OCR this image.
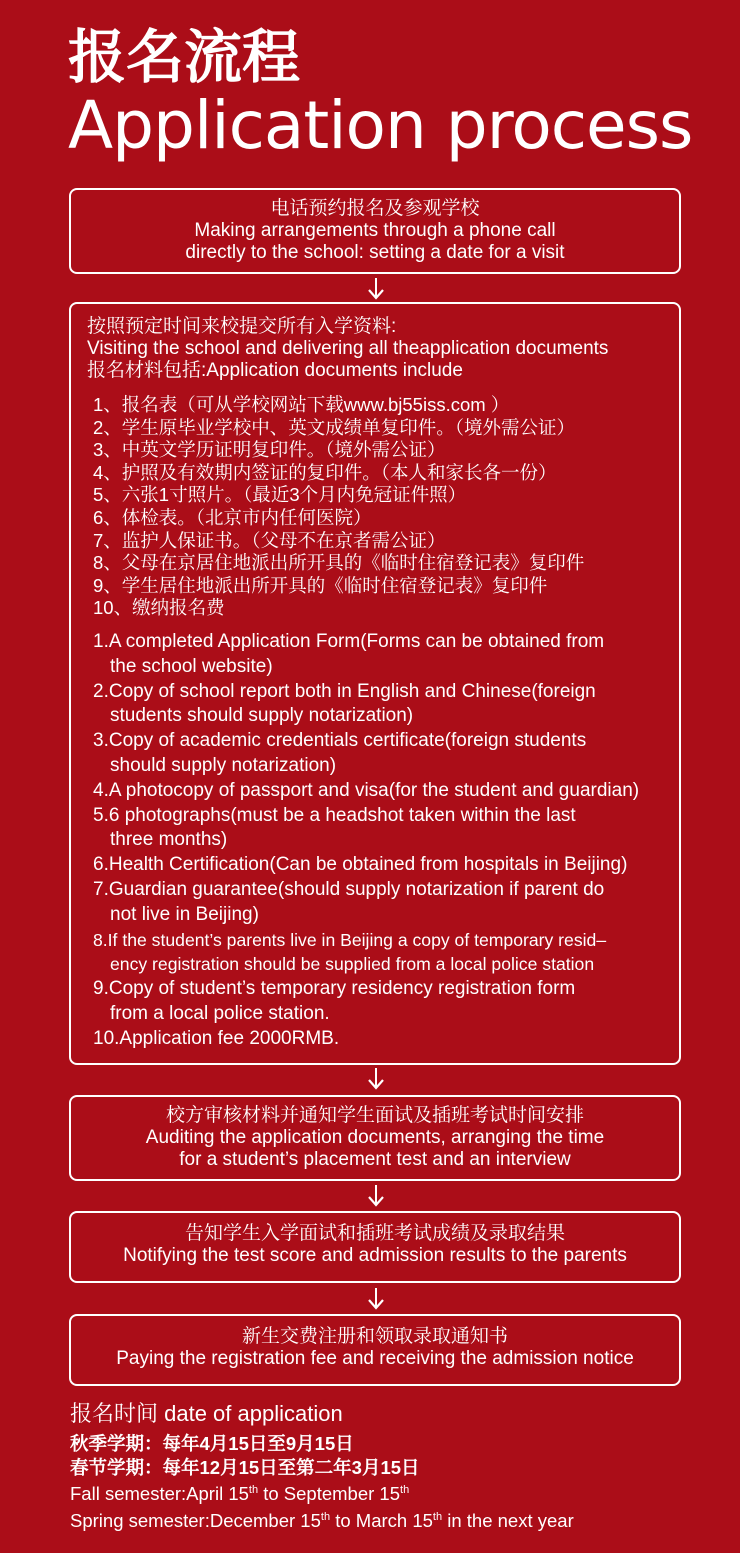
报名流程
Application process
电话预约报名及参观学校
Making arrangements through a phone call
directly to the school: setting a date for a visit
按照预定时间来校提交所有入学资料:
Visiting the school and delivering all theapplication documents
报名材料包括:Application documents include
1、报名表（可从学校网站下载www.bj55iss.com ）
2、学生原毕业学校中、英文成绩单复印件。（境外需公证）
3、中英文学历证明复印件。（境外需公证）
4、护照及有效期内签证的复印件。（本人和家长各一份）
5、六张1寸照片。（最近3个月内免冠证件照）
6、体检表。（北京市内任何医院）
7、监护人保证书。（父母不在京者需公证）
8、父母在京居住地派出所开具的《临时住宿登记表》复印件
9、学生居住地派出所开具的《临时住宿登记表》复印件
10、缴纳报名费
1.A completed Application Form(Forms can be obtained from
the school website)
2.Copy of school report both in English and Chinese(foreign
students should supply notarization)
3.Copy of academic credentials certificate(foreign students
should supply notarization)
4.A photocopy of passport and visa(for the student and guardian)
5.6 photographs(must be a headshot taken within the last
three months)
6.Health Certification(Can be obtained from hospitals in Beijing)
7.Guardian guarantee(should supply notarization if parent do
not live in Beijing)
8.If the student’s parents live in Beijing a copy of temporary resid–
ency registration should be supplied from a local police station
9.Copy of student’s temporary residency registration form
from a local police station.
10.Application fee 2000RMB.
校方审核材料并通知学生面试及插班考试时间安排
Auditing the application documents, arranging the time
for a student’s placement test and an interview
告知学生入学面试和插班考试成绩及录取结果
Notifying the test score and admission results to the parents
新生交费注册和领取录取通知书
Paying the registration fee and receiving the admission notice
报名时间 date of application
秋季学期：每年4月15日至9月15日
春节学期：每年12月15日至第二年3月15日
Fall semester:April 15th to September 15th
Spring semester:December 15th to March 15th in the next year
